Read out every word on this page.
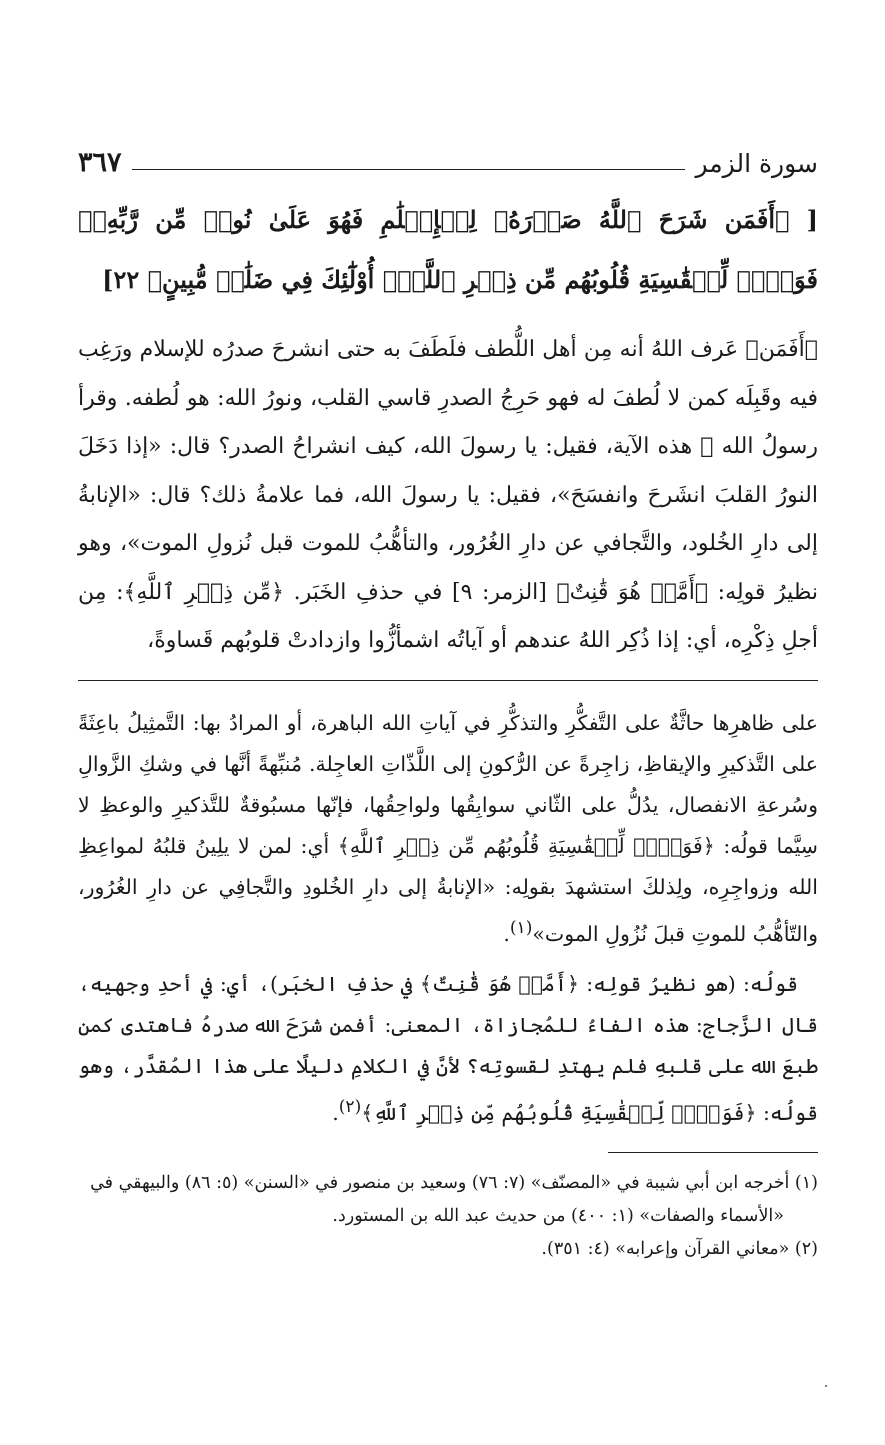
سورة الزمر
٣٦٧
[ ﴿أَفَمَن شَرَحَ ٱللَّهُ صَدۡرَهُۥ لِلۡإِسۡلَٰمِ فَهُوَ عَلَىٰ نُورٖ مِّن رَّبِّهِۦۚ فَوَيۡلٞ لِّلۡقَٰسِيَةِ قُلُوبُهُم مِّن ذِكۡرِ ٱللَّهِۚ أُوْلَٰٓئِكَ فِي ضَلَٰلٖ مُّبِينٍ﴾ ٢٢]

﴿أَفَمَن﴾ عَرف اللهُ أنه مِن أهل اللُّطف فلَطَفَ به حتى انشرحَ صدرُه للإسلام ورَغِب فيه وقَبِلَه كمن لا لُطفَ له فهو حَرِجُ الصدرِ قاسي القلب، ونورُ الله: هو لُطفه. وقرأ رسولُ الله ﷺ هذه الآية، فقيل: يا رسولَ الله، كيف انشراحُ الصدر؟ قال: «إذا دَخَلَ النورُ القلبَ انشَرحَ وانفسَحَ»، فقيل: يا رسولَ الله، فما علامةُ ذلك؟ قال: «الإنابةُ إلى دارِ الخُلود، والتَّجافي عن دارِ الغُرُور، والتأهُّبُ للموت قبل نُزولِ الموت»، وهو نظيرُ قولِه: ﴿أَمَّنۡ هُوَ قَٰنِتٌ﴾ [الزمر: ٩] في حذفِ الخَبَر. ﴿مِّن ذِكۡرِ ٱللَّهِ﴾: مِن أجلِ ذِكْرِه، أي: إذا ذُكِر اللهُ عندهم أو آياتُه اشمأزُّوا وازدادتْ قلوبُهم قَساوةً،

على ظاهرِها حاثَّةٌ على التَّفكُّرِ والتذكُّرِ في آياتِ الله الباهرة، أو المرادُ بها: التَّمثِيلُ باعِثَةً على التَّذكيرِ والإيقاظِ، زاجِرةً عن الرُّكونِ إلى اللَّذّاتِ العاجِلة. مُنبِّهةً أنَّها في وشكِ الزَّوالِ وسُرعةِ الانفصال، يدُلُّ على الثّاني سوابِقُها ولواحِقُها، فإنّها مسبُوقةٌ للتَّذكيرِ والوعظِ لا سِيَّما قولُه: ﴿فَوَيۡلٞ لِّلۡقَٰسِيَةِ قُلُوبُهُم مِّن ذِكۡرِ ٱللَّهِ﴾ أي: لمن لا يلِينُ قلبُهُ لمواعِظِ الله وزواجِرِه، ولِذلكَ استشهدَ بقولِه: «الإنابةُ إلى دارِ الخُلودِ والتَّجافِي عن دارِ الغُرُور، والتّأهُّبُ للموتِ قبلَ نُزُولِ الموت»$^{(١)}$.

قولُه: (هو نظيرُ قولِه: ﴿أَمَّنۡ هُوَ قَٰنِتٌ﴾ في حذفِ الخبَر)، أي: في أحدِ وجهيه، قال الزَّجاج: هذه الفاءُ للمُجازاة، المعنى: أفمن شرَحَ الله صدرهُ فاهتدى كمن طبعَ الله على قلبهِ فلم يهتدِ لقسوتِه؟ لأنَّ في الكلامِ دليلًا على هذا المُقدَّر، وهو قولُه: ﴿فَوَيۡلٞ لِّلۡقَٰسِيَةِ قُلُوبُهُم مِّن ذِكۡرِ ٱللَّهِ﴾$^{(٢)}$.

(١) أخرجه ابن أبي شيبة في «المصنّف» (٧: ٧٦) وسعيد بن منصور في «السنن» (٥: ٨٦) والبيهقي في

«الأسماء والصفات» (١: ٤٠٠) من حديث عبد الله بن المستورد.

(٢) «معاني القرآن وإعرابه» (٤: ٣٥١).
